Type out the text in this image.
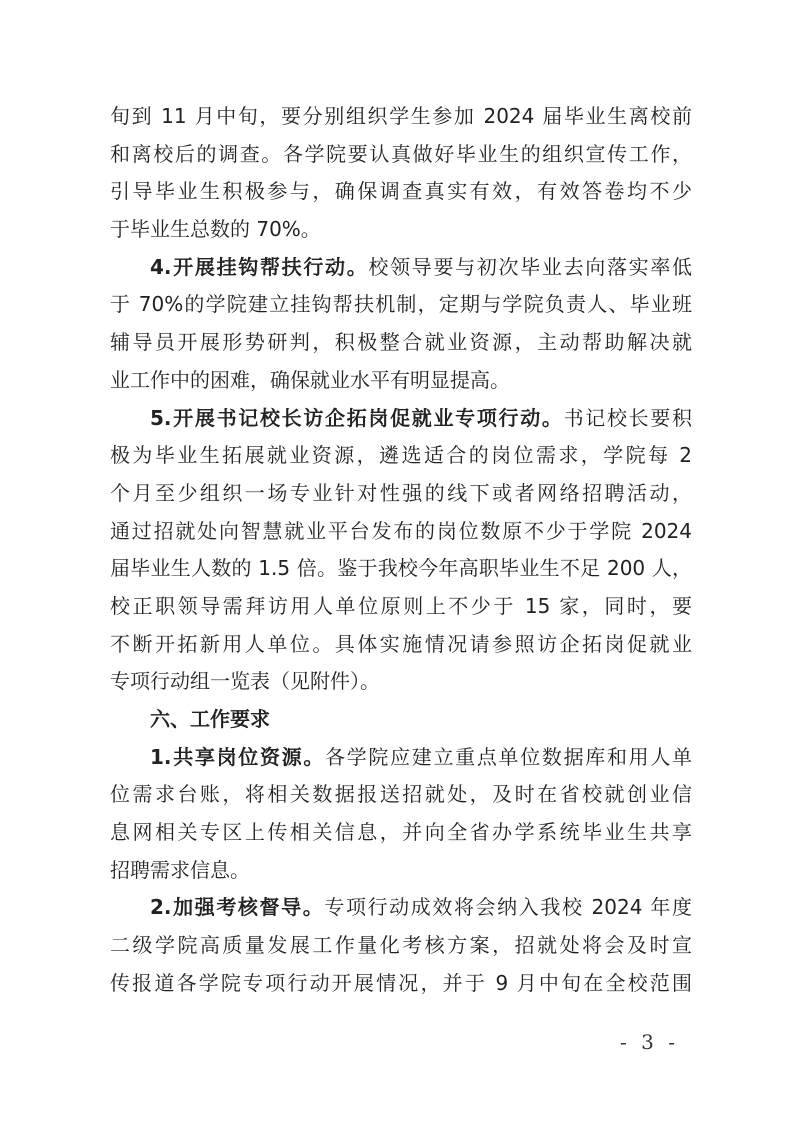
旬到 11 月中旬，要分别组织学生参加 2024 届毕业生离校前
和离校后的调查。各学院要认真做好毕业生的组织宣传工作，
引导毕业生积极参与，确保调查真实有效，有效答卷均不少
于毕业生总数的 70%。
4.开展挂钩帮扶行动。校领导要与初次毕业去向落实率低
于 70%的学院建立挂钩帮扶机制，定期与学院负责人、毕业班
辅导员开展形势研判，积极整合就业资源，主动帮助解决就
业工作中的困难，确保就业水平有明显提高。
5.开展书记校长访企拓岗促就业专项行动。书记校长要积
极为毕业生拓展就业资源，遴选适合的岗位需求，学院每 2
个月至少组织一场专业针对性强的线下或者网络招聘活动，
通过招就处向智慧就业平台发布的岗位数原不少于学院 2024
届毕业生人数的 1.5 倍。鉴于我校今年高职毕业生不足 200 人，
校正职领导需拜访用人单位原则上不少于 15 家，同时，要
不断开拓新用人单位。具体实施情况请参照访企拓岗促就业
专项行动组一览表（见附件）。
六、工作要求
1.共享岗位资源。各学院应建立重点单位数据库和用人单
位需求台账，将相关数据报送招就处，及时在省校就创业信
息网相关专区上传相关信息，并向全省办学系统毕业生共享
招聘需求信息。
2.加强考核督导。专项行动成效将会纳入我校 2024 年度
二级学院高质量发展工作量化考核方案，招就处将会及时宣
传报道各学院专项行动开展情况，并于 9 月中旬在全校范围
- 3 -
